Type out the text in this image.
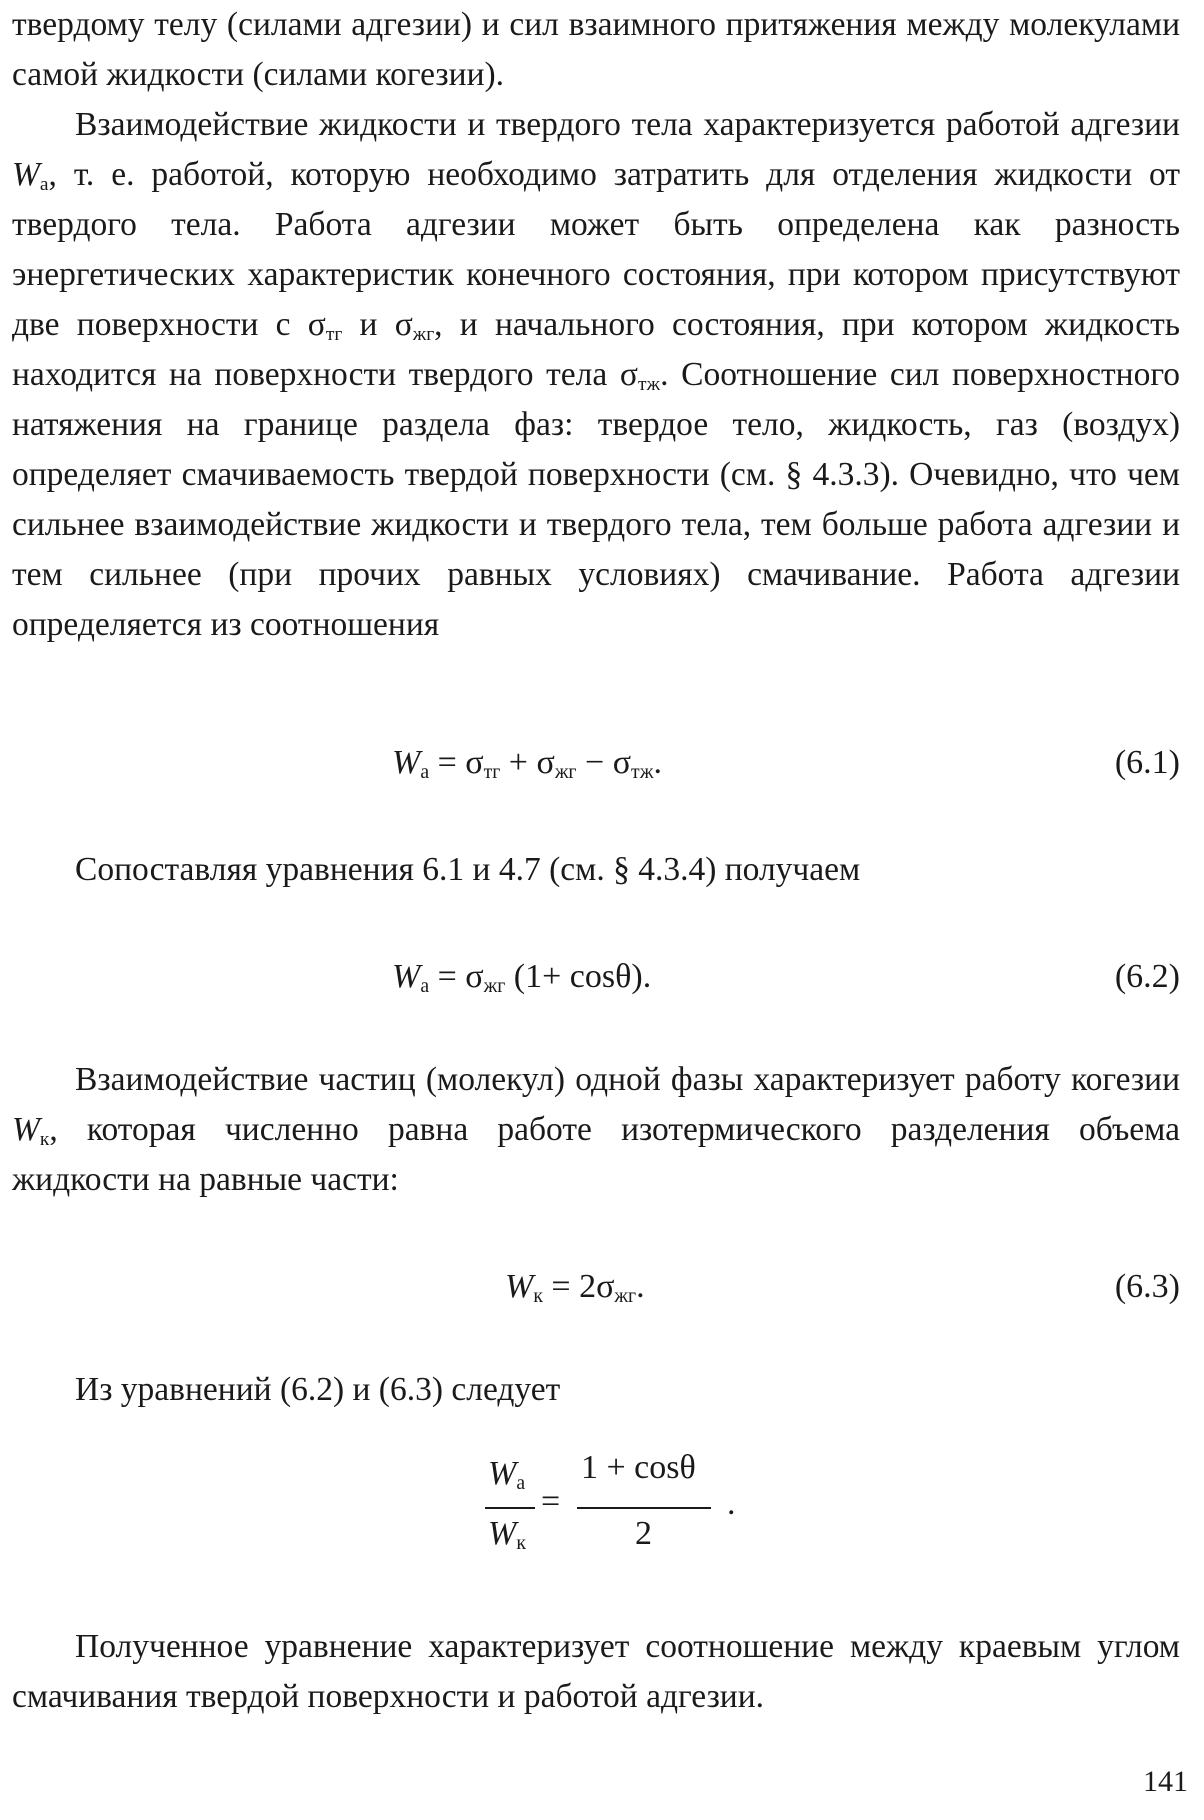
твердому телу (силами адгезии) и сил взаимного притяжения между молекулами самой жидкости (силами когезии).

Взаимодействие жидкости и твердого тела характеризуется работой адгезии $W_а$, т. е. работой, которую необходимо затратить для отделения жидкости от твердого тела. Работа адгезии может быть определена как разность энергетических характеристик конечного состояния, при котором присутствуют две поверхности с $\sigma_{тг}$ и $\sigma_{жг}$, и начального состояния, при котором жидкость находится на поверхности твердого тела $\sigma_{тж}$. Соотношение сил поверхностного натяжения на границе раздела фаз: твердое тело, жидкость, газ (воздух) определяет смачиваемость твердой поверхности (см. § 4.3.3). Очевидно, что чем сильнее взаимодействие жидкости и твердого тела, тем больше работа адгезии и тем сильнее (при прочих равных условиях) смачивание. Работа адгезии определяется из соотношения

$W_а = \sigma_{тг} + \sigma_{жг} - \sigma_{тж}$.	(6.1)

Сопоставляя уравнения 6.1 и 4.7 (см. § 4.3.4) получаем

$W_а = \sigma_{жг}$ (1+ cosθ).	(6.2)

Взаимодействие частиц (молекул) одной фазы характеризует работу когезии $W_к$, которая численно равна работе изотермического разделения объема жидкости на равные части:

$W_к = 2\sigma_{жг}$.	(6.3)

Из уравнений (6.2) и (6.3) следует

$W_а$
$W_к$
=
1 + cosθ
2
.

Полученное уравнение характеризует соотношение между краевым углом смачивания твердой поверхности и работой адгезии.

141
